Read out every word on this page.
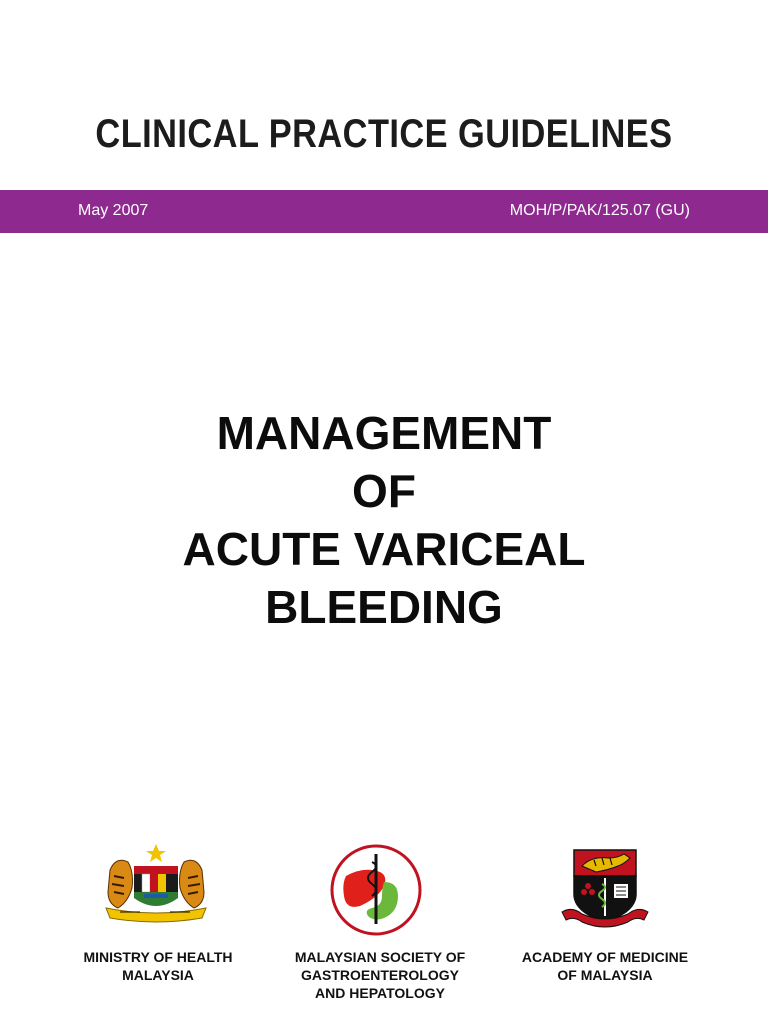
CLINICAL PRACTICE GUIDELINES
May 2007	MOH/P/PAK/125.07 (GU)
MANAGEMENT
OF
ACUTE VARICEAL
BLEEDING
MINISTRY OF HEALTH
MALAYSIA
MALAYSIAN SOCIETY OF
GASTROENTEROLOGY
AND HEPATOLOGY
ACADEMY OF MEDICINE
OF MALAYSIA
